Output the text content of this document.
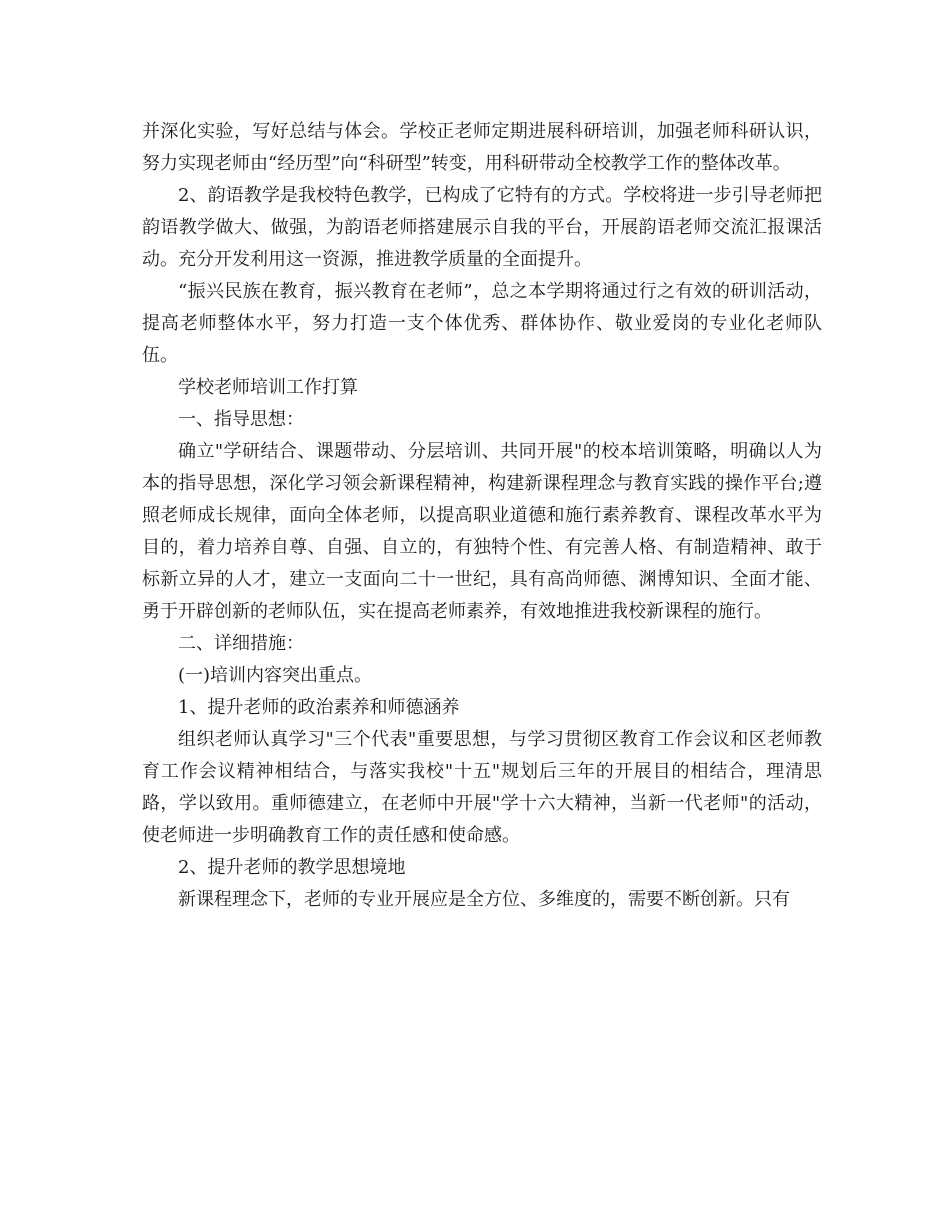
并深化实验，写好总结与体会。学校正老师定期进展科研培训，加强老师科研认识，努力实现老师由“经历型”向“科研型”转变，用科研带动全校教学工作的整体改革。

2、韵语教学是我校特色教学，已构成了它特有的方式。学校将进一步引导老师把韵语教学做大、做强，为韵语老师搭建展示自我的平台，开展韵语老师交流汇报课活动。充分开发利用这一资源，推进教学质量的全面提升。

“振兴民族在教育，振兴教育在老师”，总之本学期将通过行之有效的研训活动，提高老师整体水平，努力打造一支个体优秀、群体协作、敬业爱岗的专业化老师队伍。

学校老师培训工作打算

一、指导思想：

确立"学研结合、课题带动、分层培训、共同开展"的校本培训策略，明确以人为本的指导思想，深化学习领会新课程精神，构建新课程理念与教育实践的操作平台;遵照老师成长规律，面向全体老师，以提高职业道德和施行素养教育、课程改革水平为目的，着力培养自尊、自强、自立的，有独特个性、有完善人格、有制造精神、敢于标新立异的人才，建立一支面向二十一世纪，具有高尚师德、渊博知识、全面才能、勇于开辟创新的老师队伍，实在提高老师素养，有效地推进我校新课程的施行。

二、详细措施：

(一)培训内容突出重点。

1、提升老师的政治素养和师德涵养

组织老师认真学习"三个代表"重要思想，与学习贯彻区教育工作会议和区老师教育工作会议精神相结合，与落实我校"十五"规划后三年的开展目的相结合，理清思路，学以致用。重师德建立，在老师中开展"学十六大精神，当新一代老师"的活动，使老师进一步明确教育工作的责任感和使命感。

2、提升老师的教学思想境地

新课程理念下，老师的专业开展应是全方位、多维度的，需要不断创新。只有
